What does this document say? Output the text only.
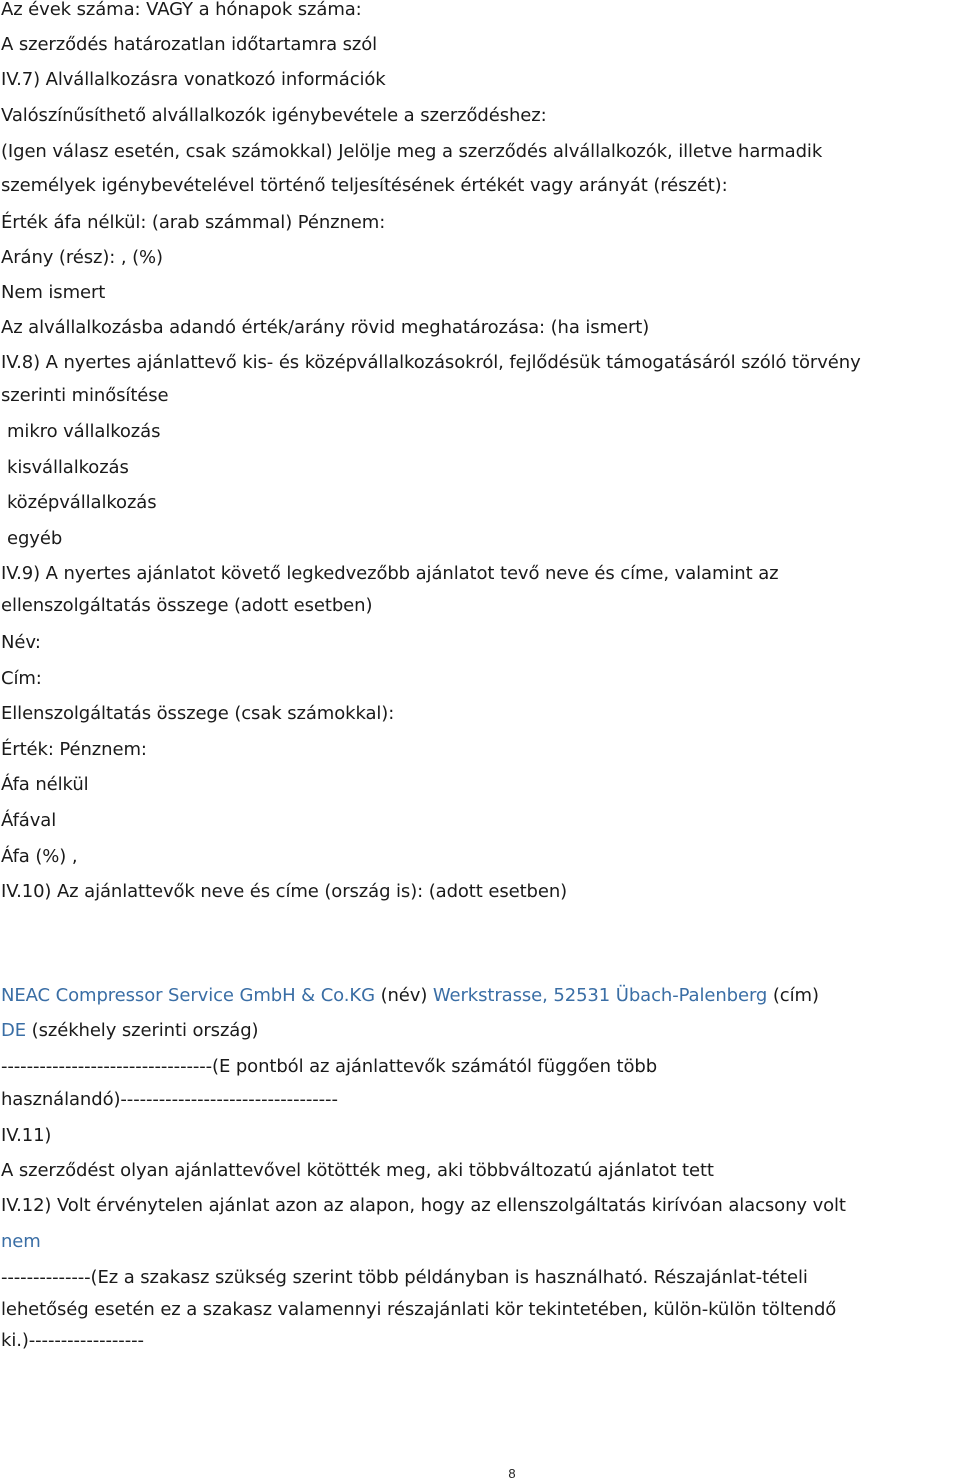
Az évek száma: VAGY a hónapok száma:

A szerződés határozatlan időtartamra szól

IV.7) Alvállalkozásra vonatkozó információk

Valószínűsíthető alvállalkozók igénybevétele a szerződéshez:

(Igen válasz esetén, csak számokkal) Jelölje meg a szerződés alvállalkozók, illetve harmadik

személyek igénybevételével történő teljesítésének értékét vagy arányát (részét):

Érték áfa nélkül: (arab számmal) Pénznem:

Arány (rész): , (%)

Nem ismert

Az alvállalkozásba adandó érték/arány rövid meghatározása: (ha ismert)

IV.8) A nyertes ajánlattevő kis- és középvállalkozásokról, fejlődésük támogatásáról szóló törvény

szerinti minősítése

mikro vállalkozás

kisvállalkozás

középvállalkozás

egyéb

IV.9) A nyertes ajánlatot követő legkedvezőbb ajánlatot tevő neve és címe, valamint az

ellenszolgáltatás összege (adott esetben)

Név:

Cím:

Ellenszolgáltatás összege (csak számokkal):

Érték: Pénznem:

Áfa nélkül

Áfával

Áfa (%) ,

IV.10) Az ajánlattevők neve és címe (ország is): (adott esetben)

NEAC Compressor Service GmbH & Co.KG (név) Werkstrasse, 52531 Übach-Palenberg (cím)

DE (székhely szerinti ország)

---------------------------------(E pontból az ajánlattevők számától függően több

használandó)----------------------------------

IV.11)

A szerződést olyan ajánlattevővel kötötték meg, aki többváltozatú ajánlatot tett

IV.12) Volt érvénytelen ajánlat azon az alapon, hogy az ellenszolgáltatás kirívóan alacsony volt

nem

--------------(Ez a szakasz szükség szerint több példányban is használható. Részajánlat-tételi

lehetőség esetén ez a szakasz valamennyi részajánlati kör tekintetében, külön-külön töltendő

ki.)------------------

8
